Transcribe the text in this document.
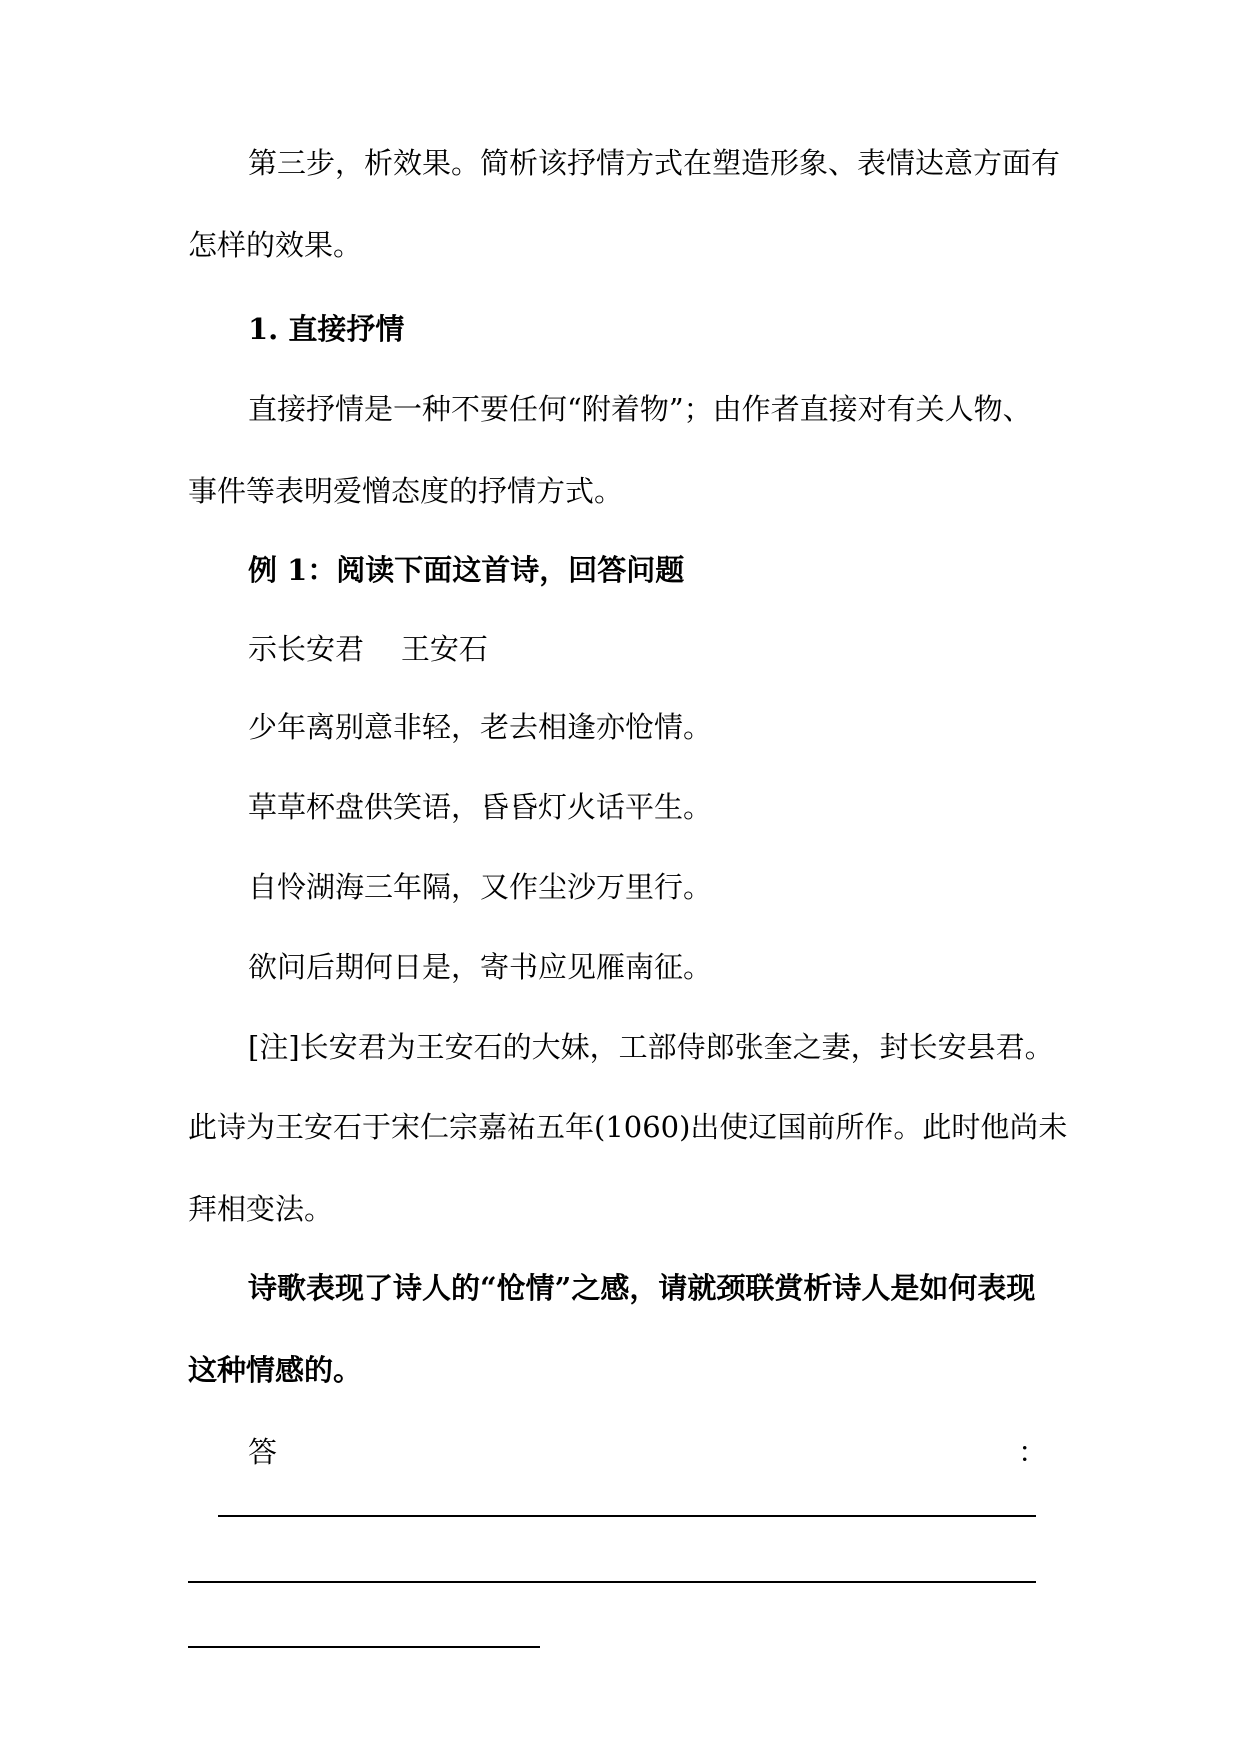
第三步，析效果。简析该抒情方式在塑造形象、表情达意方面有
怎样的效果。
1. 直接抒情
直接抒情是一种不要任何“附着物”；由作者直接对有关人物、
事件等表明爱憎态度的抒情方式。
例 1：阅读下面这首诗，回答问题
示长安君    王安石
少年离别意非轻，老去相逢亦怆情。
草草杯盘供笑语，昏昏灯火话平生。
自怜湖海三年隔，又作尘沙万里行。
欲问后期何日是，寄书应见雁南征。
[注]长安君为王安石的大妹，工部侍郎张奎之妻，封长安县君。
此诗为王安石于宋仁宗嘉祐五年(1060)出使辽国前所作。此时他尚未
拜相变法。
诗歌表现了诗人的“怆情”之感，请就颈联赏析诗人是如何表现
这种情感的。
答	：
